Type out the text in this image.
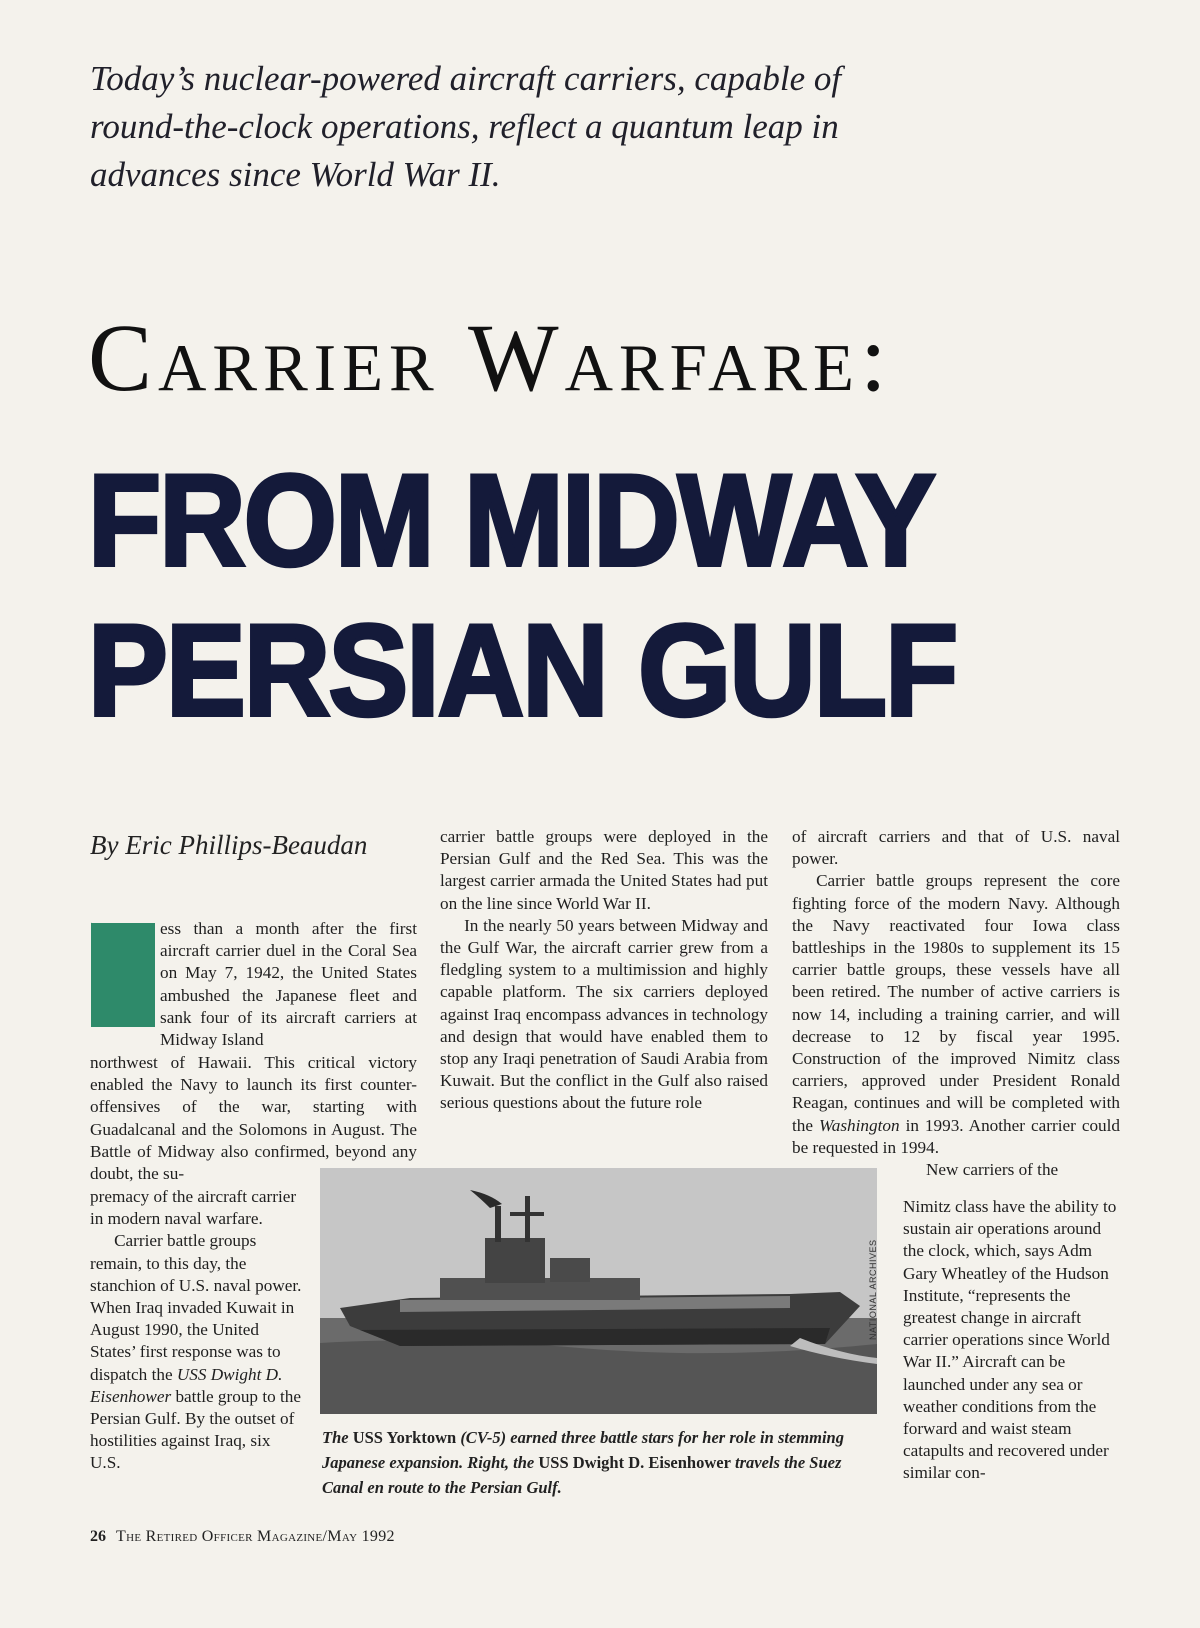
Today’s nuclear-powered aircraft carriers, capable of round-the-clock operations, reflect a quantum leap in advances since World War II.
Carrier Warfare:
FROM MIDWAY
PERSIAN GULF
By Eric Phillips-Beaudan
L	ess than a month after the first aircraft carrier duel in the Coral Sea on May 7, 1942, the United States ambushed the Japanese fleet and sank four of its aircraft carriers at Midway Island

northwest of Hawaii. This critical victory enabled the Navy to launch its first counter-offensives of the war, starting with Guadalcanal and the Solomons in August. The Battle of Midway also confirmed, beyond any doubt, the su-

premacy of the aircraft carrier in modern naval warfare.

Carrier battle groups remain, to this day, the stanchion of U.S. naval power. When Iraq invaded Kuwait in August 1990, the United States’ first response was to dispatch the USS Dwight D. Eisenhower battle group to the Persian Gulf. By the outset of hostilities against Iraq, six U.S.

carrier battle groups were deployed in the Persian Gulf and the Red Sea. This was the largest carrier armada the United States had put on the line since World War II.

In the nearly 50 years between Midway and the Gulf War, the aircraft carrier grew from a fledgling system to a multimission and highly capable platform. The six carriers deployed against Iraq encompass advances in technology and design that would have enabled them to stop any Iraqi penetration of Saudi Arabia from Kuwait. But the conflict in the Gulf also raised serious questions about the future role

of aircraft carriers and that of U.S. naval power.

Carrier battle groups represent the core fighting force of the modern Navy. Although the Navy reactivated four Iowa class battleships in the 1980s to supplement its 15 carrier battle groups, these vessels have all been retired. The number of active carriers is now 14, including a training carrier, and will decrease to 12 by fiscal year 1995. Construction of the improved Nimitz class carriers, approved under President Ronald Reagan, continues and will be completed with the Washington in 1993. Another carrier could be requested in 1994.

New carriers of the

Nimitz class have the ability to sustain air operations around the clock, which, says Adm Gary Wheatley of the Hudson Institute, “represents the greatest change in aircraft carrier operations since World War II.” Aircraft can be launched under any sea or weather conditions from the forward and waist steam catapults and recovered under similar con-

NATIONAL ARCHIVES
The USS Yorktown (CV-5) earned three battle stars for her role in stemming Japanese expansion. Right, the USS Dwight D. Eisenhower travels the Suez Canal en route to the Persian Gulf.
26 The Retired Officer Magazine/May 1992
